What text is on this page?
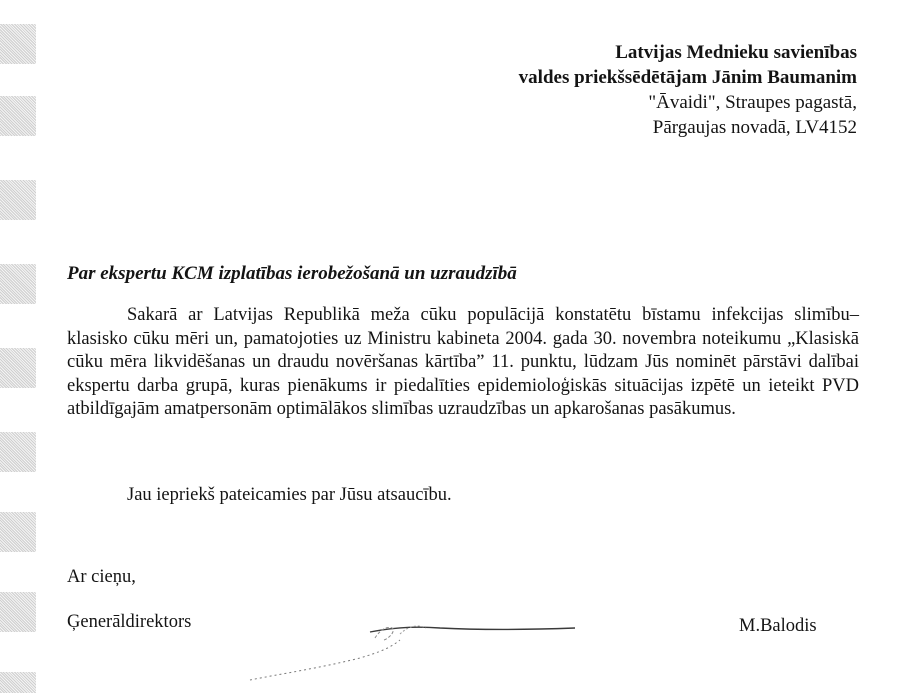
Latvijas Mednieku savienības
valdes priekšsēdētājam Jānim Baumanim
"Āvaidi", Straupes pagastā,
Pārgaujas novadā, LV4152
Par ekspertu KCM izplatības ierobežošanā un uzraudzībā

Sakarā ar Latvijas Republikā meža cūku populācijā konstatētu bīstamu infekcijas slimību– klasisko cūku mēri un, pamatojoties uz Ministru kabineta 2004. gada 30. novembra noteikumu „Klasiskā cūku mēra likvidēšanas un draudu novēršanas kārtība” 11. punktu, lūdzam Jūs nominēt pārstāvi dalībai ekspertu darba grupā, kuras pienākums ir piedalīties epidemioloģiskās situācijas izpētē un ieteikt PVD atbildīgajām amatpersonām optimālākos slimības uzraudzības un apkarošanas pasākumus.

Jau iepriekš pateicamies par Jūsu atsaucību.
Ar cieņu,
Ģenerāldirektors	M.Balodis
